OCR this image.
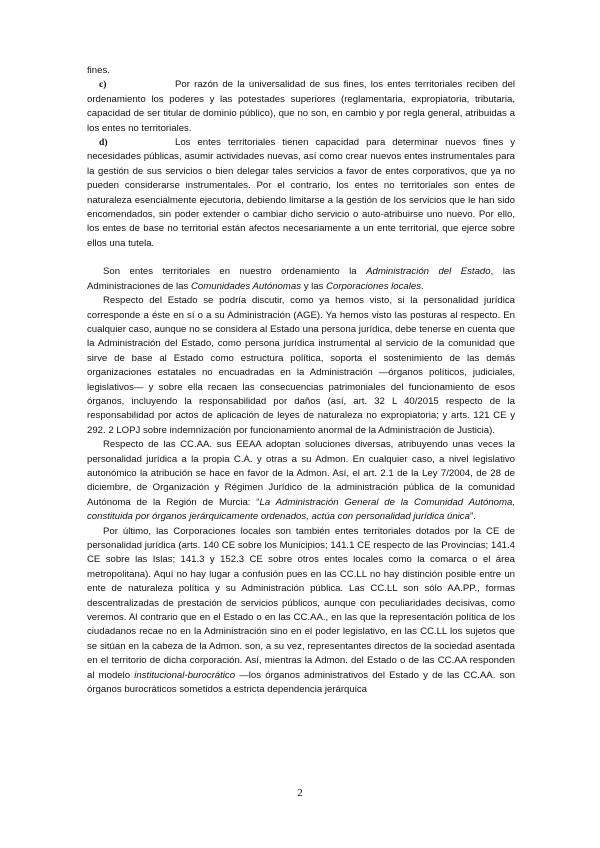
fines.

c)	Por razón de la universalidad de sus fines, los entes territoriales reciben del ordenamiento los poderes y las potestades superiores (reglamentaria, expropiatoria, tributaria, capacidad de ser titular de dominio público), que no son, en cambio y por regla general, atribuidas a los entes no territoriales.

d)	Los entes territoriales tienen capacidad para determinar nuevos fines y necesidades públicas, asumir actividades nuevas, así como crear nuevos entes instrumentales para la gestión de sus servicios o bien delegar tales servicios a favor de entes corporativos, que ya no pueden considerarse instrumentales. Por el contrario, los entes no territoriales son entes de naturaleza esencialmente ejecutoria, debiendo limitarse a la gestión de los servicios que le han sido encomendados, sin poder extender o cambiar dicho servicio o auto-atribuirse uno nuevo. Por ello, los entes de base no territorial están afectos necesariamente a un ente territorial, que ejerce sobre ellos una tutela.

Son entes territoriales en nuestro ordenamiento la Administración del Estado, las Administraciones de las Comunidades Autónomas y las Corporaciones locales.

Respecto del Estado se podría discutir, como ya hemos visto, si la personalidad jurídica corresponde a éste en sí o a su Administración (AGE). Ya hemos visto las posturas al respecto. En cualquier caso, aunque no se considera al Estado una persona jurídica, debe tenerse en cuenta que la Administración del Estado, como persona jurídica instrumental al servicio de la comunidad que sirve de base al Estado como estructura política, soporta el sostenimiento de las demás organizaciones estatales no encuadradas en la Administración —órganos políticos, judiciales, legislativos— y sobre ella recaen las consecuencias patrimoniales del funcionamiento de esos órganos, incluyendo la responsabilidad por daños (así, art. 32 L 40/2015 respecto de la responsabilidad por actos de aplicación de leyes de naturaleza no expropiatoria; y arts. 121 CE y 292. 2 LOPJ sobre indemnización por funcionamiento anormal de la Administración de Justicia).

Respecto de las CC.AA. sus EEAA adoptan soluciones diversas, atribuyendo unas veces la personalidad jurídica a la propia C.A. y otras a su Admon. En cualquier caso, a nivel legislativo autonómico la atribución se hace en favor de la Admon. Así, el art. 2.1 de la Ley 7/2004, de 28 de diciembre, de Organización y Régimen Jurídico de la administración pública de la comunidad Autónoma de la Región de Murcia: “La Administración General de la Comunidad Autónoma, constituida por órganos jerárquicamente ordenados, actúa con personalidad jurídica única”.

Por último, las Corporaciones locales son también entes territoriales dotados por la CE de personalidad jurídica (arts. 140 CE sobre los Municipios; 141.1 CE respecto de las Provincias; 141.4 CE sobre las Islas; 141.3 y 152.3 CE sobre otros entes locales como la comarca o el área metropolitana). Aquí no hay lugar a confusión pues en las CC.LL no hay distinción posible entre un ente de naturaleza política y su Administración pública. Las CC.LL son sólo AA.PP., formas descentralizadas de prestación de servicios públicos, aunque con peculiaridades decisivas, como veremos. Al contrario que en el Estado o en las CC.AA., en las que la representación política de los ciudadanos recae no en la Administración sino en el poder legislativo, en las CC.LL los sujetos que se sitúan en la cabeza de la Admon. son, a su vez, representantes directos de la sociedad asentada en el territorio de dicha corporación. Así, mientras la Admon. del Estado o de las CC.AA responden al modelo institucional-burocrático —los órganos administrativos del Estado y de las CC.AA. son órganos burocráticos sometidos a estricta dependencia jerárquica

2
